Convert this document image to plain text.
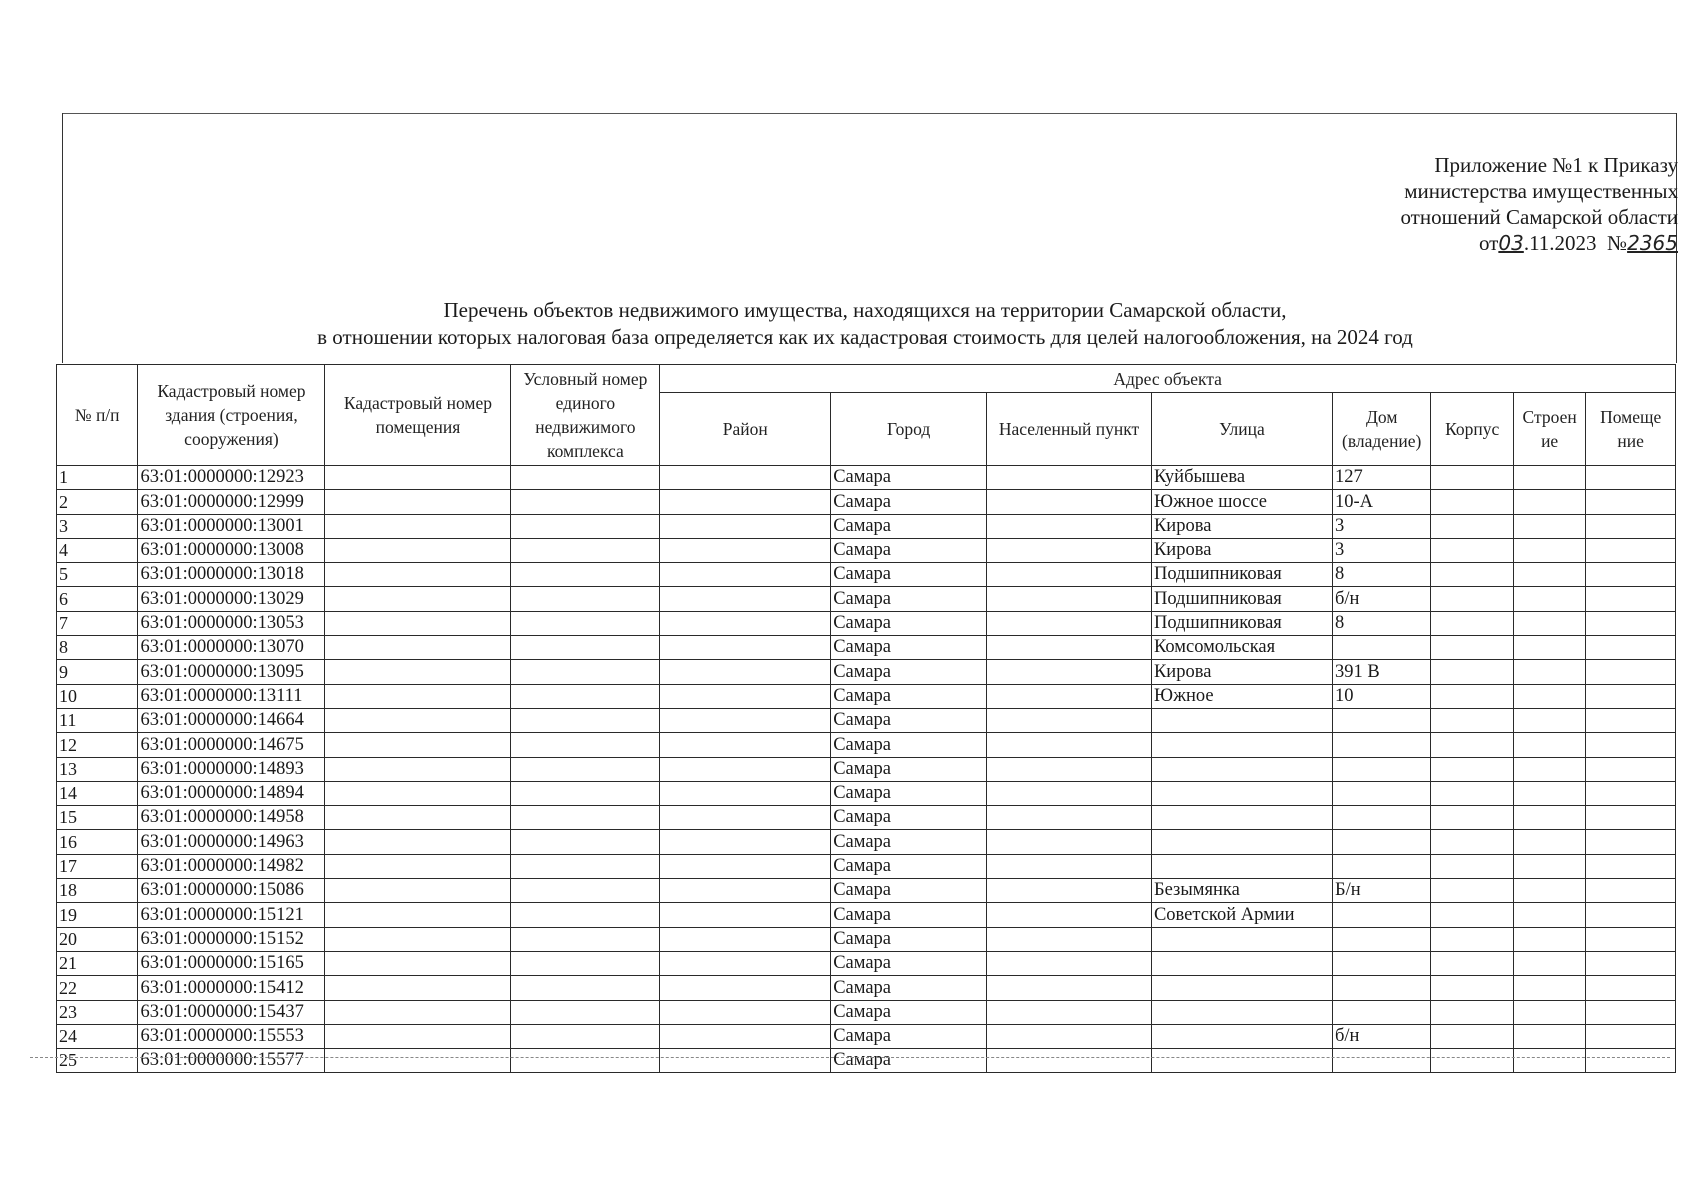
Приложение №1 к Приказу
министерства имущественных
отношений Самарской области
от03.11.2023 №2365
Перечень объектов недвижимого имущества, находящихся на территории Самарской области,
в отношении которых налоговая база определяется как их кадастровая стоимость для целей налогообложения, на 2024 год
№ п/п	Кадастровый номер здания (строения, сооружения)	Кадастровый номер помещения	Условный номер единого недвижимого комплекса	Адрес объекта							
				Район	Город	Населенный пункт	Улица	Дом (владение)	Корпус	Строен ие	Помеще ние
1	63:01:0000000:12923				Самара		Куйбышева	127			
2	63:01:0000000:12999				Самара		Южное шоссе	10-А			
3	63:01:0000000:13001				Самара		Кирова	3			
4	63:01:0000000:13008				Самара		Кирова	3			
5	63:01:0000000:13018				Самара		Подшипниковая	8			
6	63:01:0000000:13029				Самара		Подшипниковая	б/н			
7	63:01:0000000:13053				Самара		Подшипниковая	8			
8	63:01:0000000:13070				Самара		Комсомольская				
9	63:01:0000000:13095				Самара		Кирова	391 В			
10	63:01:0000000:13111				Самара		Южное	10			
11	63:01:0000000:14664				Самара						
12	63:01:0000000:14675				Самара						
13	63:01:0000000:14893				Самара						
14	63:01:0000000:14894				Самара						
15	63:01:0000000:14958				Самара						
16	63:01:0000000:14963				Самара						
17	63:01:0000000:14982				Самара						
18	63:01:0000000:15086				Самара		Безымянка	Б/н			
19	63:01:0000000:15121				Самара		Советской Армии				
20	63:01:0000000:15152				Самара						
21	63:01:0000000:15165				Самара						
22	63:01:0000000:15412				Самара						
23	63:01:0000000:15437				Самара						
24	63:01:0000000:15553				Самара			б/н			
25	63:01:0000000:15577				Самара						
